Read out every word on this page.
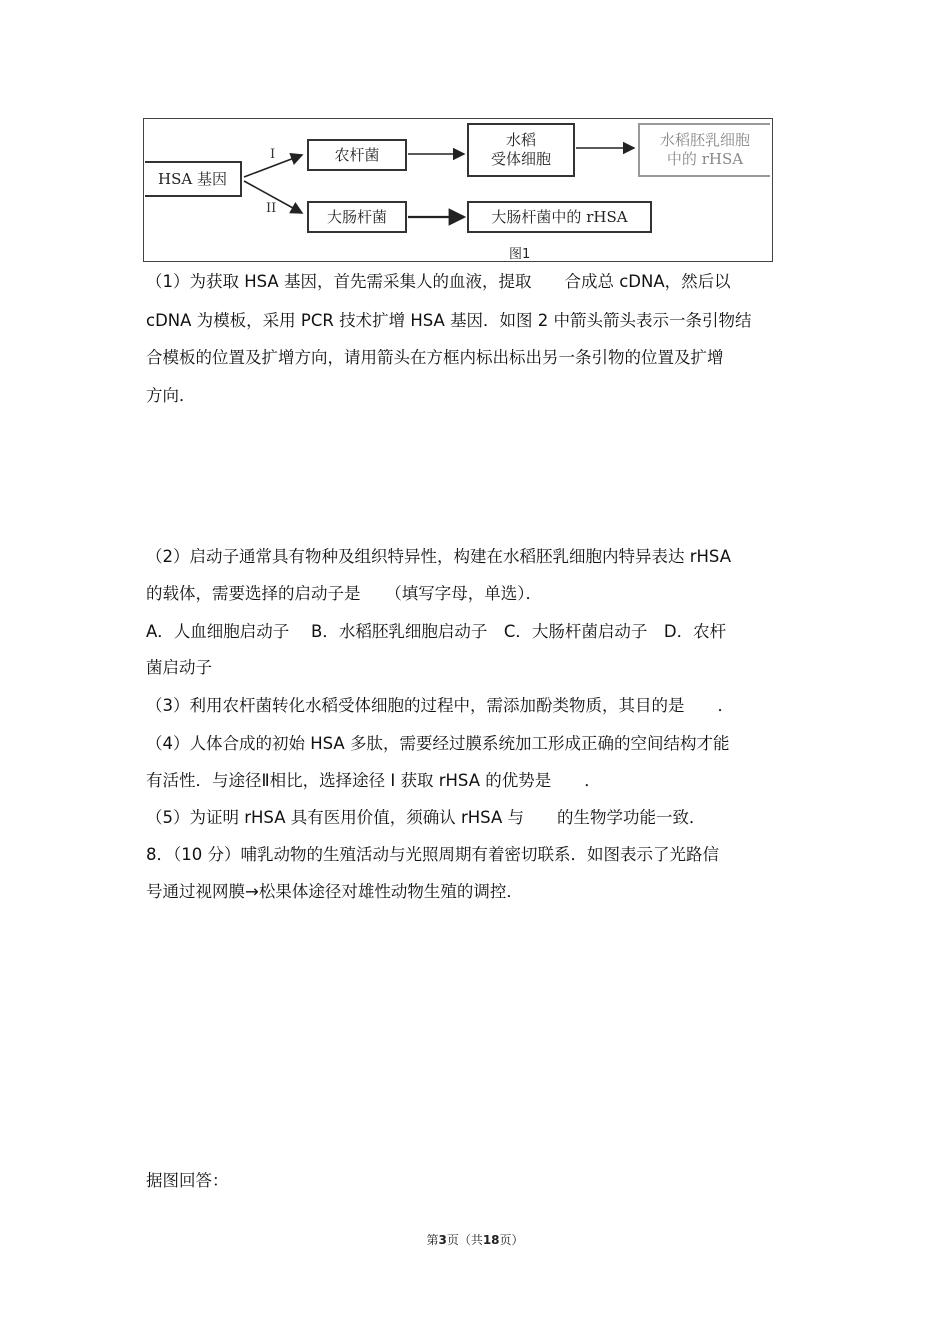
HSA 基因
I
II
农杆菌
水稻
受体细胞
水稻胚乳细胞
中的 rHSA
大肠杆菌	大肠杆菌中的 rHSA
图1
（1）为获取 HSA 基因，首先需采集人的血液，提取　　合成总 cDNA，然后以
cDNA 为模板，采用 PCR 技术扩增 HSA 基因．如图 2 中箭头箭头表示一条引物结
合模板的位置及扩增方向，请用箭头在方框内标出标出另一条引物的位置及扩增
方向．
（2）启动子通常具有物种及组织特异性，构建在水稻胚乳细胞内特异表达 rHSA
的载体，需要选择的启动子是　　（填写字母，单选）．
A．人血细胞启动子　 B．水稻胚乳细胞启动子　C．大肠杆菌启动子　D．农杆
菌启动子
（3）利用农杆菌转化水稻受体细胞的过程中，需添加酚类物质，其目的是　　．
（4）人体合成的初始 HSA 多肽，需要经过膜系统加工形成正确的空间结构才能
有活性．与途径Ⅱ相比，选择途径 I 获取 rHSA 的优势是　　．
（5）为证明 rHSA 具有医用价值，须确认 rHSA 与　　的生物学功能一致．
8．（10 分）哺乳动物的生殖活动与光照周期有着密切联系．如图表示了光路信
号通过视网膜→松果体途径对雄性动物生殖的调控．
据图回答：
第3页（共18页）
